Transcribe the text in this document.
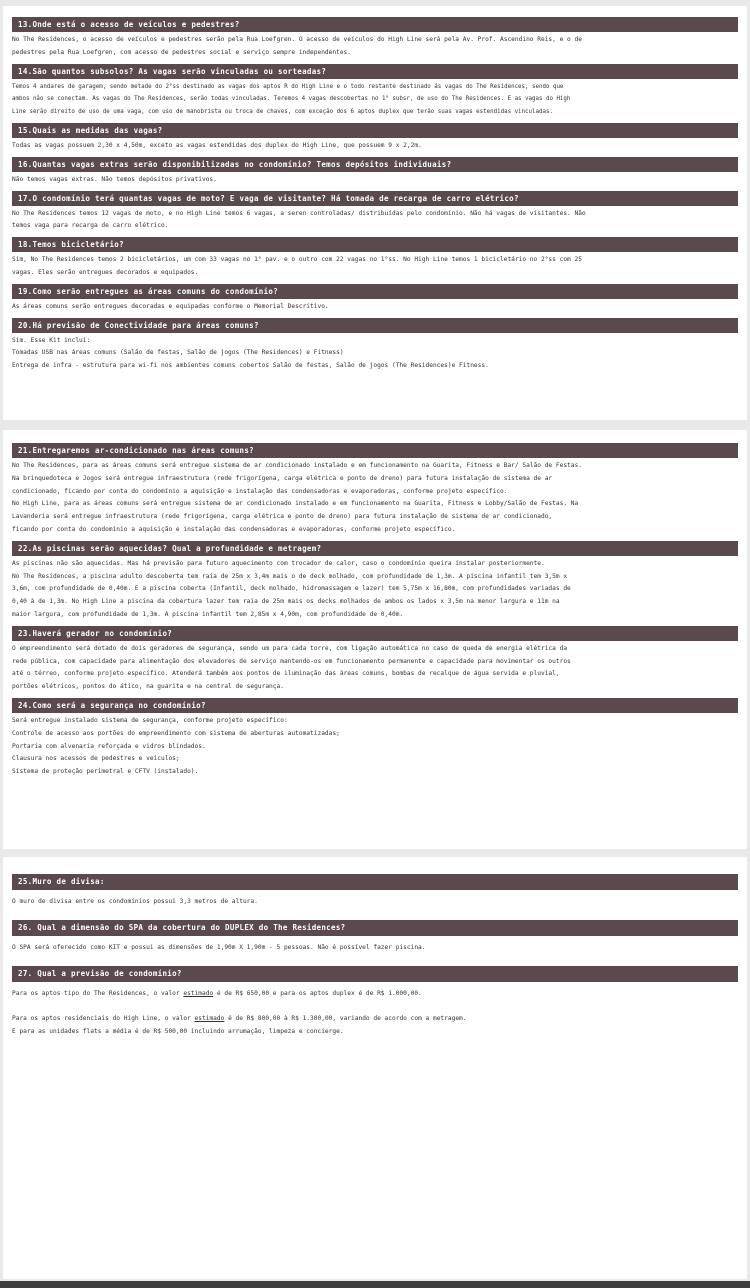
13.Onde está o acesso de veículos e pedestres?

No The Residences, o acesso de veículos e pedestres serão pela Rua Loefgren. O acesso de veículos do High Line será pela Av. Prof. Ascendino Reis, e o de

pedestres pela Rua Loefgren, com acesso de pedestres social e serviço sempre independentes.

14.São quantos subsolos? As vagas serão vinculadas ou sorteadas?

Temos 4 andares de garagem, sendo metade do 2°ss destinado as vagas dos aptos R do High Line e o todo restante destinado ás vagas do The Residences, sendo que

ambos não se conectam. As vagas do The Residences, serão todas vinculadas. Teremos 4 vagas descobertas no 1° subsr, de uso do The Residences. E as vagas do High

Line serão direito de uso de uma vaga, com uso de manobrista ou troca de chaves, com exceção dos 6 aptos duplex que terão suas vagas estendidas vinculadas.

15.Quais as medidas das vagas?

Todas as vagas possuem 2,30 x 4,50m, exceto as vagas estendidas dos duplex do High Line, que possuem 9 x 2,2m.

16.Quantas vagas extras serão disponibilizadas no condomínio? Temos depósitos individuais?

Não temos vagas extras. Não temos depósitos privativos.

17.O condomínio terá quantas vagas de moto? E vaga de visitante? Há tomada de recarga de carro elétrico?

No The Residences temos 12 vagas de moto, e no High Line temos 6 vagas, a seren controladas/ distribuídas pelo condomínio. Não há vagas de visitantes. Não

temos vaga para recarga de carro elétrico.

18.Temos bicicletário?

Sim, No The Residences temos 2 bicicletários, um com 33 vagas no 1° pav. e o outro com 22 vagas no 1°ss. No High Line temos 1 bicicletário no 2°ss com 25

vagas. Eles serão entregues decorados e equipados.

19.Como serão entregues as áreas comuns do condomínio?

As áreas comuns serão entregues decoradas e equipadas conforme o Memorial Descritivo.

20.Há previsão de Conectividade para áreas comuns?

Sim. Esse Kit inclui:

Tomadas USB nas áreas comuns (Salão de festas, Salão de jogos (The Residences) e Fitness)

Entrega de infra - estrutura para wi-fi nos ambientes comuns cobertos Salão de festas, Salão de jogos (The Residences)e Fitness.

21.Entregaremos ar-condicionado nas áreas comuns?

No The Residences, para as áreas comuns será entregue sistema de ar condicionado instalado e em funcionamento na Guarita, Fitness e Bar/ Salão de Festas.

Na brinquedoteca e Jogos será entregue infraestrutura (rede frigorígena, carga elétrica e ponto de dreno) para futura instalação de sistema de ar

condicionado, ficando por conta do condomínio a aquisição e instalação das condensadoras e evaporadoras, conforme projeto específico.

No High Line, para as áreas comuns será entregue sistema de ar condicionado instalado e em funcionamento na Guarita, Fitness e Lobby/Salão de Festas. Na

Lavanderia será entregue infraestrutura (rede frigorígena, carga elétrica e ponto de dreno) para futura instalação de sistema de ar condicionado,

ficando por conta do condomínio a aquisição e instalação das condensadoras e evaporadoras, conforme projeto específico.

22.As piscinas serão aquecidas? Qual a profundidade e metragem?

As piscinas não são aquecidas. Mas há previsão para futuro aquecimento com trocador de calor, caso o condomínio queira instalar posteriormente.

No The Residences, a piscina adulto descoberta tem raia de 25m x 3,4m mais o de deck molhado, com profundidade de 1,3m. A piscina infantil tem 3,5m x

3,6m, com profundidade de 0,40m. E a piscina coberta (Infantil, deck molhado, hidromassagem e lazer) tem 5,75m x 16,80m, com profundidades variadas de

0,40 à de 1,3m. No High Line a piscina da cobertura lazer tem raia de 25m mais os decks molhados de ambos os lados x 3,5m na menor largura e 11m na

maior largura, com profundidade de 1,3m. A piscina infantil tem 2,85m x 4,90m, com profundidade de 0,40m.

23.Haverá gerador no condomínio?

O empreendimento será dotado de dois geradores de segurança, sendo um para cada torre, com ligação automática no caso de queda de energia elétrica da

rede pública, com capacidade para alimentação dos elevadores de serviço mantendo-os em funcionamento permanente e capacidade para movimentar os outros

até o térreo, conforme projeto específico. Atenderá também aos pontos de iluminação das áreas comuns, bombas de recalque de água servida e pluvial,

portões elétricos, pontos do ático, na guarita e na central de segurança.

24.Como será a segurança no condomínio?

Será entregue instalado sistema de segurança, conforme projeto específico:

Controle de acesso aos portões do empreendimento com sistema de aberturas automatizadas;

Portaria com alvenaria reforçada e vidros blindados.

Clausura nos acessos de pedestres e veículos;

Sistema de proteção perimetral e CFTV (instalado).

25.Muro de divisa:

O muro de divisa entre os condomínios possui 3,3 metros de altura.

26. Qual a dimensão do SPA da cobertura do DUPLEX do The Residences?

O SPA será oferecido como KIT e possui as dimensões de 1,90m X 1,90m - 5 pessoas. Não é possível fazer piscina.

27. Qual a previsão de condomínio?

Para os aptos tipo do The Residences, o valor estimado é de R$ 650,00 e para os aptos duplex é de R$ 1.000,00.

Para os aptos residenciais do High Line, o valor estimado é de R$ 800,00 à R$ 1.300,00, variando de acordo com a metragem.

E para as unidades flats a média é de R$ 500,00 incluindo arrumação, limpeza e concierge.
